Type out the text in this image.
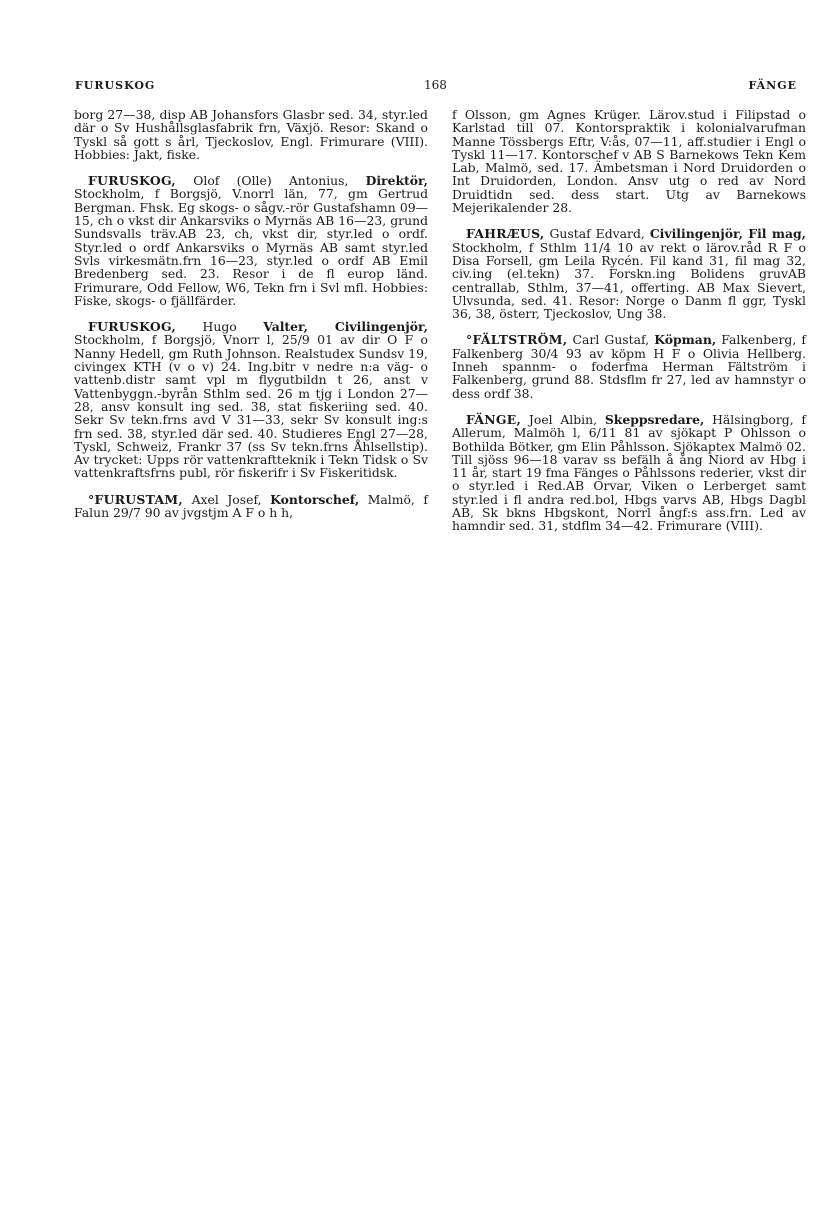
FURUSKOG	168	FÄNGE

borg 27—38, disp AB Johansfors Glasbr sed. 34, styr.led där o Sv Hushållsglasfabrik frn, Växjö. Resor: Skand o Tyskl så gott s årl, Tjeckoslov, Engl. Frimurare (VIII). Hobbies: Jakt, fiske.

FURUSKOG, Olof (Olle) Antonius, Direktör, Stockholm, f Borgsjö, V.norrl län, 77, gm Gertrud Bergman. Fhsk. Eg skogs- o sågv.-rör Gustafshamn 09—15, ch o vkst dir Ankarsviks o Myrnäs AB 16—23, grund Sundsvalls träv.AB 23, ch, vkst dir, styr.led o ordf. Styr.led o ordf Ankarsviks o Myrnäs AB samt styr.led Svls virkesmätn.frn 16—23, styr.led o ordf AB Emil Bredenberg sed. 23. Resor i de fl europ länd. Frimurare, Odd Fellow, W6, Tekn frn i Svl mfl. Hobbies: Fiske, skogs- o fjällfärder.

FURUSKOG, Hugo Valter, Civilingenjör, Stockholm, f Borgsjö, Vnorr l, 25/9 01 av dir O F o Nanny Hedell, gm Ruth Johnson. Realstudex Sundsv 19, civingex KTH (v o v) 24. Ing.bitr v nedre n:a väg- o vattenb.distr samt vpl m flygutbildn t 26, anst v Vattenbyggn.-byrån Sthlm sed. 26 m tjg i London 27—28, ansv konsult ing sed. 38, stat fiskeriing sed. 40. Sekr Sv tekn.frns avd V 31—33, sekr Sv konsult ing:s frn sed. 38, styr.led där sed. 40. Studieres Engl 27—28, Tyskl, Schweiz, Frankr 37 (ss Sv tekn.frns Åhlsellstip). Av trycket: Upps rör vattenkraftteknik i Tekn Tidsk o Sv vattenkraftsfrns publ, rör fiskerifr i Sv Fiskeritidsk.

°FURUSTAM, Axel Josef, Kontorschef, Malmö, f Falun 29/7 90 av jvgstjm A F o h h,

f Olsson, gm Agnes Krüger. Lärov.stud i Filipstad o Karlstad till 07. Kontorspraktik i kolonialvarufman Manne Tössbergs Eftr, V:ås, 07—11, aff.studier i Engl o Tyskl 11—17. Kontorschef v AB S Barnekows Tekn Kem Lab, Malmö, sed. 17. Ämbetsman i Nord Druidorden o Int Druidorden, London. Ansv utg o red av Nord Druidtidn sed. dess start. Utg av Barnekows Mejerikalender 28.

FAHRÆUS, Gustaf Edvard, Civilingenjör, Fil mag, Stockholm, f Sthlm 11/4 10 av rekt o lärov.råd R F o Disa Forsell, gm Leila Rycén. Fil kand 31, fil mag 32, civ.ing (el.tekn) 37. Forskn.ing Bolidens gruvAB centrallab, Sthlm, 37—41, offerting. AB Max Sievert, Ulvsunda, sed. 41. Resor: Norge o Danm fl ggr, Tyskl 36, 38, österr, Tjeckoslov, Ung 38.

°FÄLTSTRÖM, Carl Gustaf, Köpman, Falkenberg, f Falkenberg 30/4 93 av köpm H F o Olivia Hellberg. Inneh spannm- o foderfma Herman Fältström i Falkenberg, grund 88. Stdsflm fr 27, led av hamnstyr o dess ordf 38.

FÄNGE, Joel Albin, Skeppsredare, Hälsingborg, f Allerum, Malmöh l, 6/11 81 av sjökapt P Ohlsson o Bothilda Bötker, gm Elin Påhlsson. Sjökaptex Malmö 02. Till sjöss 96—18 varav ss befälh å ång Niord av Hbg i 11 år, start 19 fma Fänges o Påhlssons rederier, vkst dir o styr.led i Red.AB Orvar, Viken o Lerberget samt styr.led i fl andra red.bol, Hbgs varvs AB, Hbgs Dagbl AB, Sk bkns Hbgskont, Norrl ångf:s ass.frn. Led av hamndir sed. 31, stdflm 34—42. Frimurare (VIII).
